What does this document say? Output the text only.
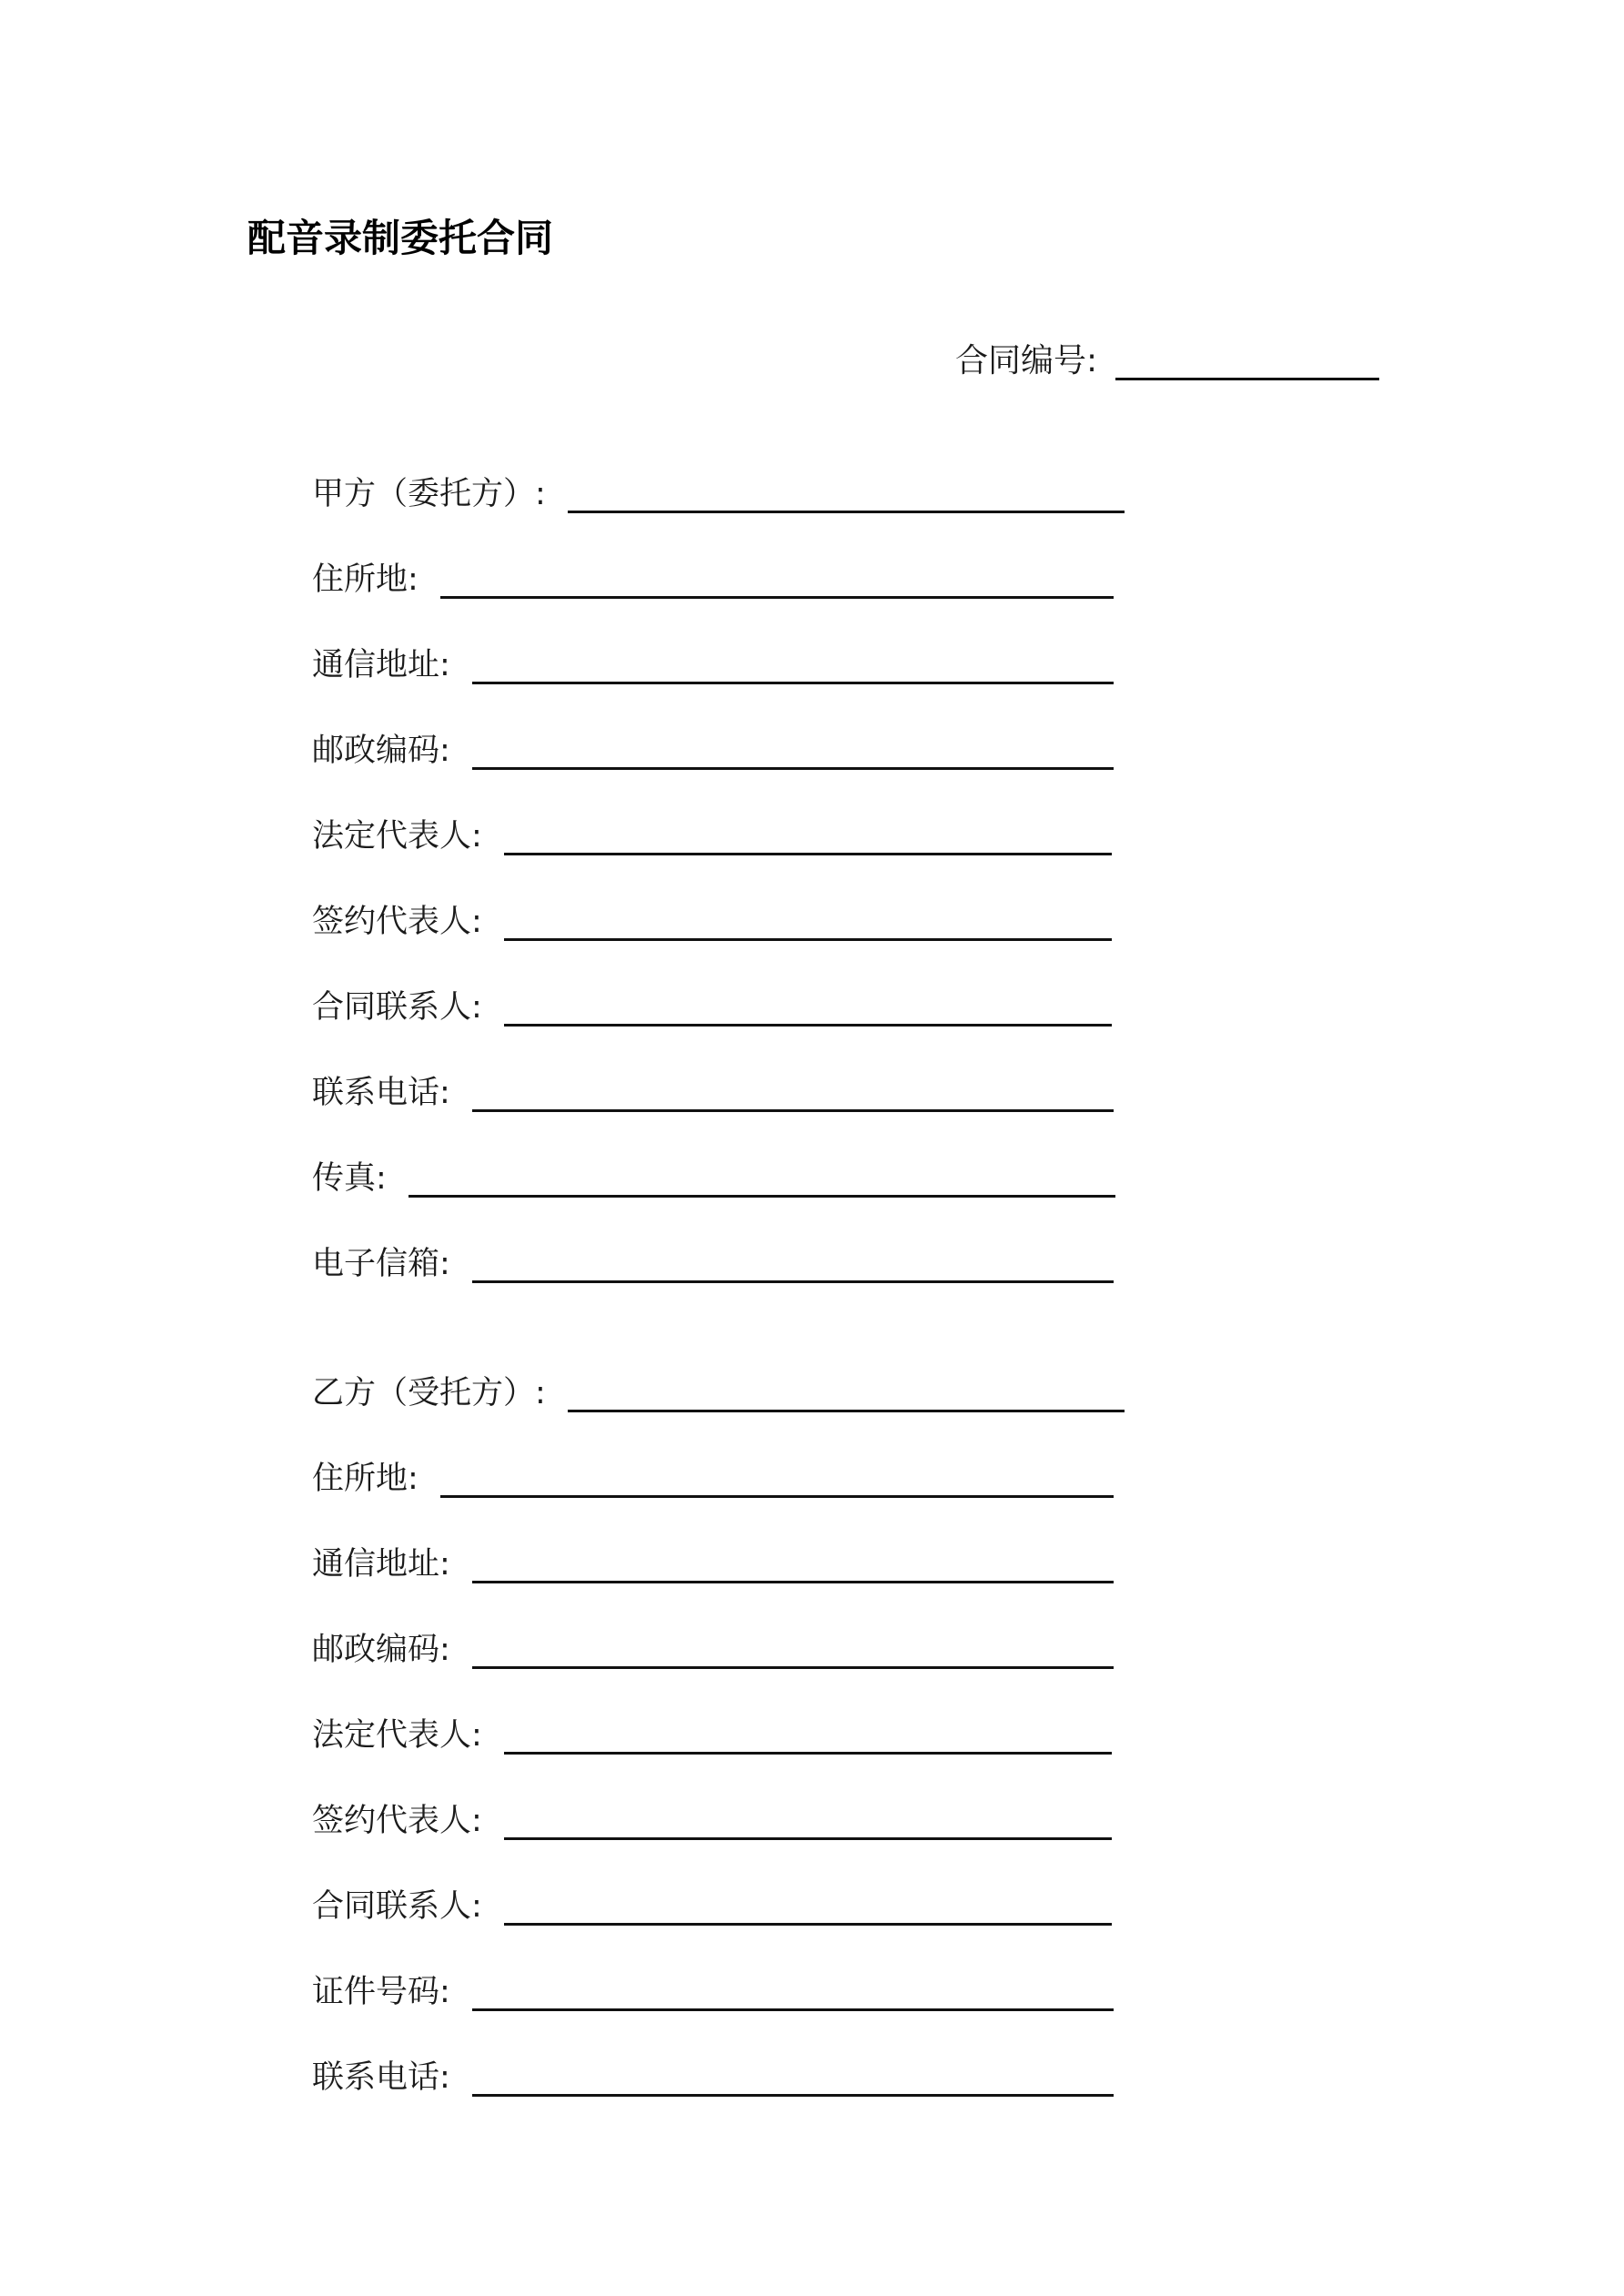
配音录制委托合同
合同编号:
甲方（委托方）:
住所地:
通信地址:
邮政编码:
法定代表人:
签约代表人:
合同联系人:
联系电话:
传真:
电子信箱:
乙方（受托方）:
住所地:
通信地址:
邮政编码:
法定代表人:
签约代表人:
合同联系人:
证件号码:
联系电话:
